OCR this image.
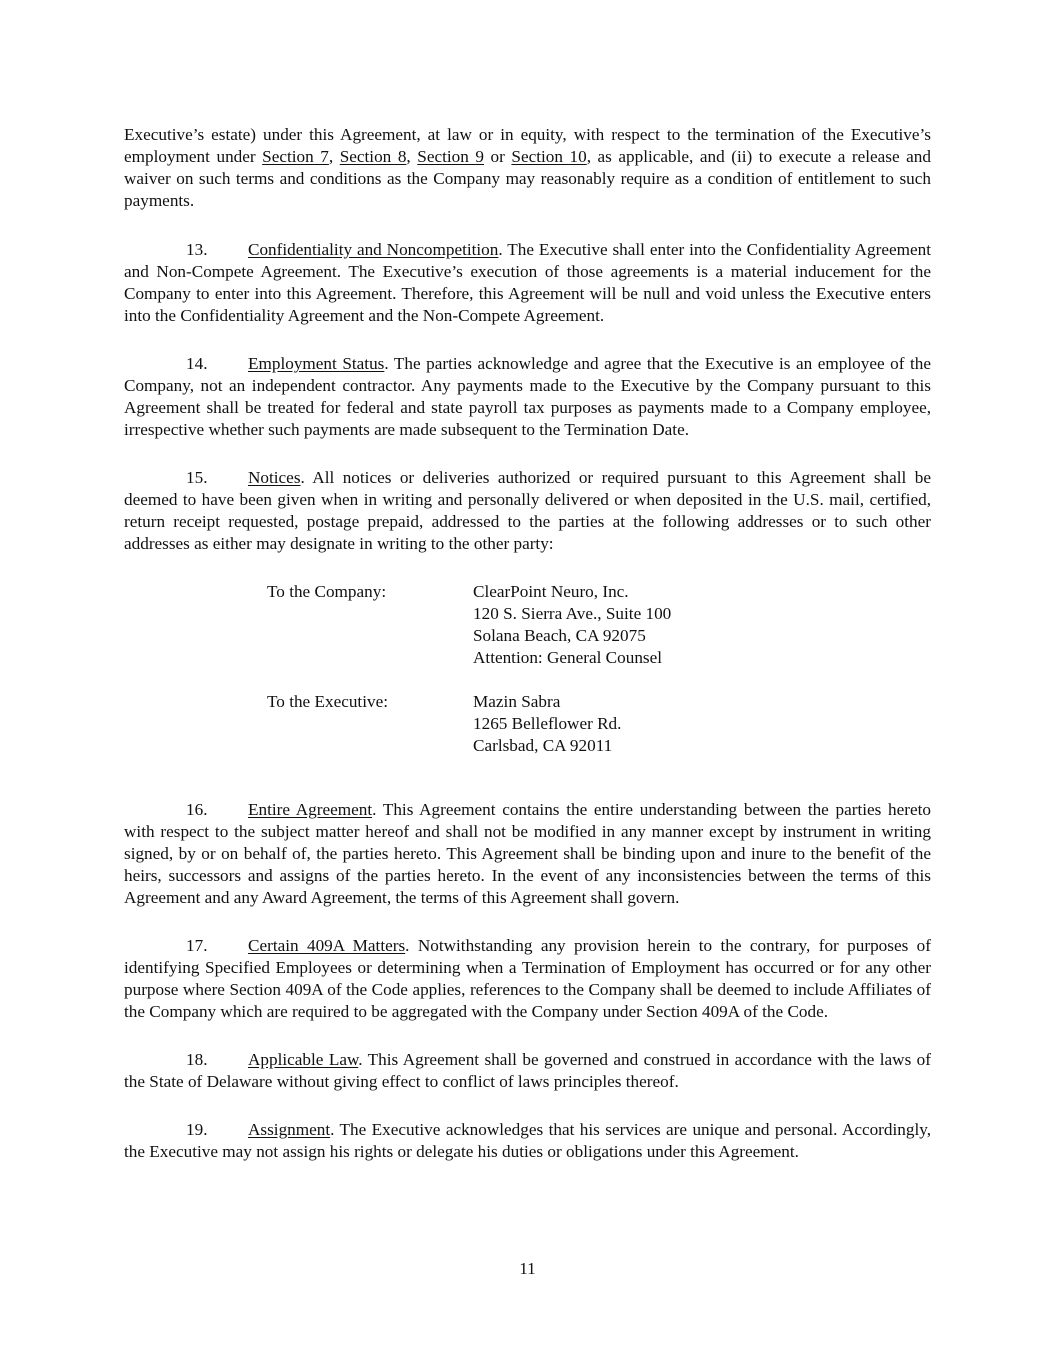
Executive’s estate) under this Agreement, at law or in equity, with respect to the termination of the Executive’s employment under Section 7, Section 8, Section 9 or Section 10, as applicable, and (ii) to execute a release and waiver on such terms and conditions as the Company may reasonably require as a condition of entitlement to such payments.

13. Confidentiality and Noncompetition. The Executive shall enter into the Confidentiality Agreement and Non-Compete Agreement. The Executive’s execution of those agreements is a material inducement for the Company to enter into this Agreement. Therefore, this Agreement will be null and void unless the Executive enters into the Confidentiality Agreement and the Non-Compete Agreement.

14. Employment Status. The parties acknowledge and agree that the Executive is an employee of the Company, not an independent contractor. Any payments made to the Executive by the Company pursuant to this Agreement shall be treated for federal and state payroll tax purposes as payments made to a Company employee, irrespective whether such payments are made subsequent to the Termination Date.

15. Notices. All notices or deliveries authorized or required pursuant to this Agreement shall be deemed to have been given when in writing and personally delivered or when deposited in the U.S. mail, certified, return receipt requested, postage prepaid, addressed to the parties at the following addresses or to such other addresses as either may designate in writing to the other party:

To the Company:	ClearPoint Neuro, Inc.
120 S. Sierra Ave., Suite 100
Solana Beach, CA 92075
Attention: General Counsel
To the Executive:	Mazin Sabra
1265 Belleflower Rd.
Carlsbad, CA 92011

16. Entire Agreement. This Agreement contains the entire understanding between the parties hereto with respect to the subject matter hereof and shall not be modified in any manner except by instrument in writing signed, by or on behalf of, the parties hereto. This Agreement shall be binding upon and inure to the benefit of the heirs, successors and assigns of the parties hereto. In the event of any inconsistencies between the terms of this Agreement and any Award Agreement, the terms of this Agreement shall govern.

17. Certain 409A Matters. Notwithstanding any provision herein to the contrary, for purposes of identifying Specified Employees or determining when a Termination of Employment has occurred or for any other purpose where Section 409A of the Code applies, references to the Company shall be deemed to include Affiliates of the Company which are required to be aggregated with the Company under Section 409A of the Code.

18. Applicable Law. This Agreement shall be governed and construed in accordance with the laws of the State of Delaware without giving effect to conflict of laws principles thereof.

19. Assignment. The Executive acknowledges that his services are unique and personal. Accordingly, the Executive may not assign his rights or delegate his duties or obligations under this Agreement.

11
